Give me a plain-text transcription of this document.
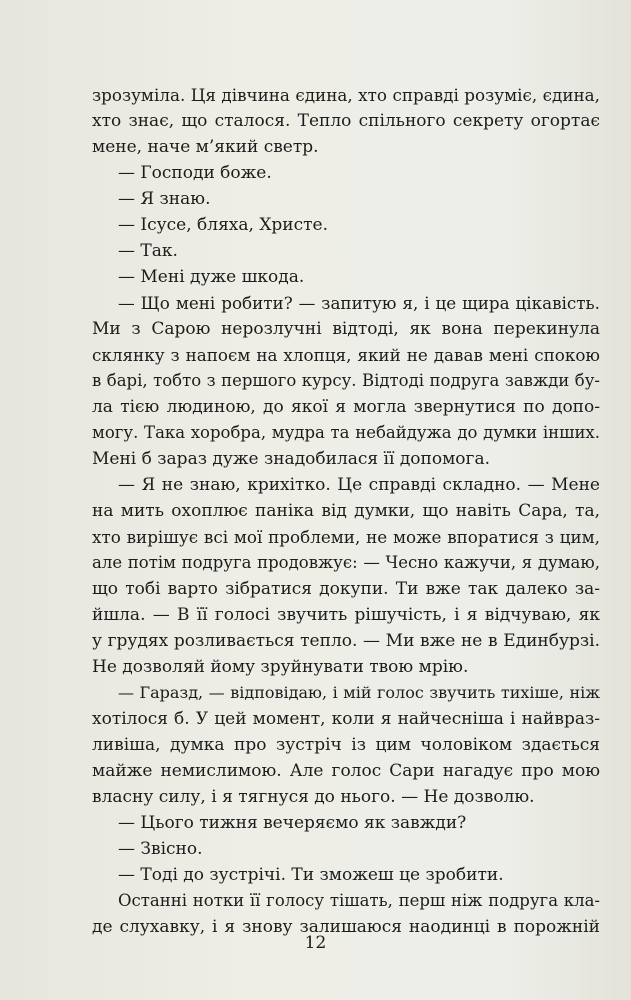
зрозуміла. Ця дівчина єдина, хто справді розуміє, єдина,
хто знає, що сталося. Тепло спільного секрету огортає
мене, наче м’який светр.
— Господи боже.
— Я знаю.
— Ісусе, бляха, Христе.
— Так.
— Мені дуже шкода.
— Що мені робити? — запитую я, і це щира цікавість.
Ми з Сарою нерозлучні відтоді, як вона перекинула
склянку з напоєм на хлопця, який не давав мені спокою
в барі, тобто з першого курсу. Відтоді подруга завжди бу-
ла тією людиною, до якої я могла звернутися по допо-
могу. Така хоробра, мудра та небайдужа до думки інших.
Мені б зараз дуже знадобилася її допомога.
— Я не знаю, крихітко. Це справді складно. — Мене
на мить охоплює паніка від думки, що навіть Сара, та,
хто вирішує всі мої проблеми, не може впоратися з цим,
але потім подруга продовжує: — Чесно кажучи, я думаю,
що тобі варто зібратися докупи. Ти вже так далеко за-
йшла. — В її голосі звучить рішучість, і я відчуваю, як
у грудях розливається тепло. — Ми вже не в Единбурзі.
Не дозволяй йому зруйнувати твою мрію.
— Гаразд, — відповідаю, і мій голос звучить тихіше, ніж
хотілося б. У цей момент, коли я найчесніша і найвраз-
ливіша, думка про зустріч із цим чоловіком здається
майже немислимою. Але голос Сари нагадує про мою
власну силу, і я тягнуся до нього. — Не дозволю.
— Цього тижня вечеряємо як завжди?
— Звісно.
— Тоді до зустрічі. Ти зможеш це зробити.
Останні нотки її голосу тішать, перш ніж подруга кла-
де слухавку, і я знову залишаюся наодинці в порожній
12
